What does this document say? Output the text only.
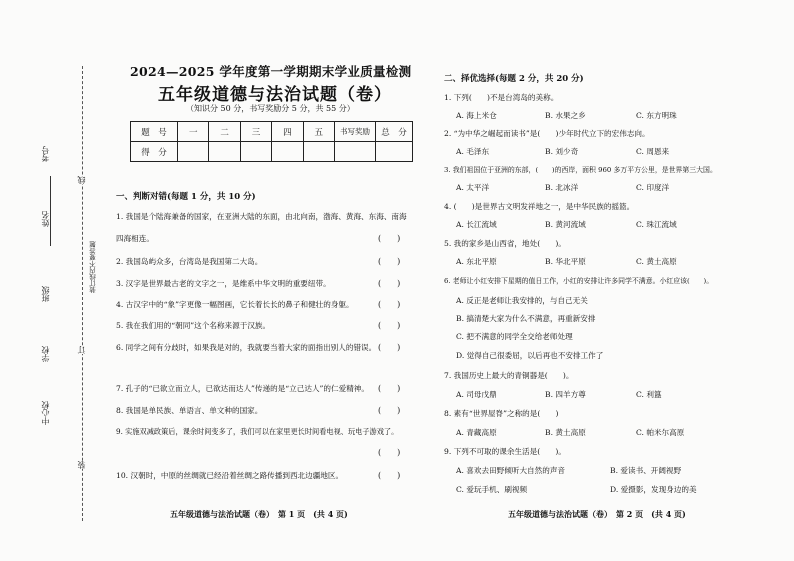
考号
姓名
班级
学校
中心校
线
装订线内不要答题
订
装
2024—2025 学年度第一学期期末学业质量检测
五年级道德与法治试题（卷）
（知识分 50 分，书写奖励分 5 分，共 55 分）
题　号	一	二	三	四	五	书写奖励	总　分
得　分							
一、判断对错(每题 1 分，共 10 分)
1. 我国是个陆海兼备的国家，在亚洲大陆的东面，由北向南，渤海、黄海、东海、南海
四海相连。	(　　)
2. 我国岛屿众多，台湾岛是我国第二大岛。	(　　)
3. 汉字是世界最古老的文字之一，是维系中华文明的重要纽带。	(　　)
4. 古汉字中的“象”字更像一幅图画，它长着长长的鼻子和健壮的身躯。	(　　)
5. 我在我们用的“朝同”这个名称来源于汉族。	(　　)
6. 同学之间有分歧时，如果我是对的，我就要当着大家的面指出别人的错误。 (　　)
7. 孔子的“已欲立而立人，已欲达而达人”传递的是“立己达人”的仁爱精神。 (　　)
8. 我国是单民族、单语言、单文种的国家。	(　　)
9. 实施双减政策后，课余时间变多了，我们可以在家里更长时间看电视、玩电子游戏了。
(　　)
10. 汉朝时，中原的丝绸就已经沿着丝绸之路传播到西北边疆地区。	(　　)
五年级道德与法治试题（卷）　第 1 页　(共 4 页)
二、择优选择(每题 2 分，共 20 分)
1. 下列(　　)不是台湾岛的美称。
A. 海上米仓	B. 水果之乡	C. 东方明珠
2. “为中华之崛起而读书”是(　　)少年时代立下的宏伟志向。
A. 毛泽东	B. 刘少奇	C. 周恩来
3. 我们祖国位于亚洲的东部，(　　)的西岸，面积 960 多万平方公里，是世界第三大国。
A. 太平洋	B. 北冰洋	C. 印度洋
4. (　　)是世界古文明发祥地之一，是中华民族的摇篮。
A. 长江流域	B. 黄河流域	C. 珠江流域
5. 我的家乡是山西省，地处(　　)。
A. 东北平原	B. 华北平原	C. 黄土高原
6. 老师让小红安排下星期的值日工作，小红的安排让许多同学不满意。小红应该(　　)。
A. 反正是老师让我安排的，与自己无关
B. 搞清楚大家为什么不满意，再重新安排
C. 把不满意的同学全交给老师处理
D. 觉得自己很委屈，以后再也不安排工作了
7. 我国历史上最大的青铜器是(　　)。
A. 司母戊鼎	B. 四羊方尊	C. 利簋
8. 素有“世界屋脊”之称的是(　　)
A. 青藏高原	B. 黄土高原	C. 帕米尔高原
9. 下列不可取的课余生活是(　　)。
A. 喜欢去田野倾听大自然的声音	B. 爱读书、开阔视野
C. 爱玩手机、刷视频	D. 爱摄影，发现身边的美
五年级道德与法治试题（卷）　第 2 页　(共 4 页)
